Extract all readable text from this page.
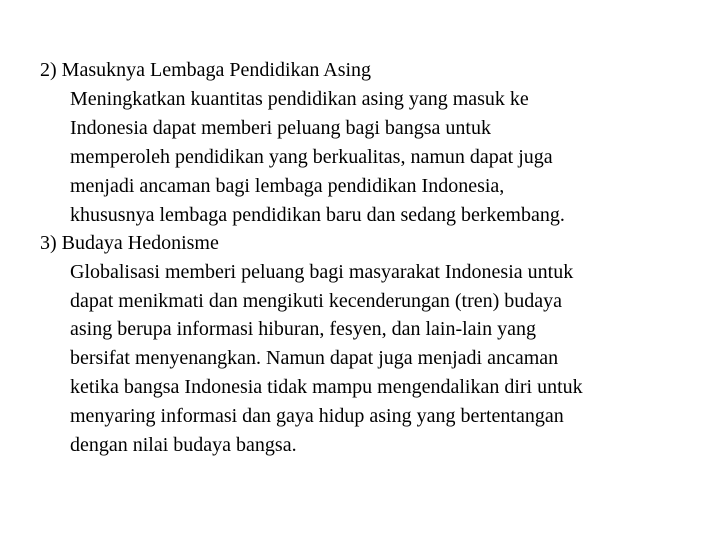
2) Masuknya Lembaga Pendidikan Asing
Meningkatkan kuantitas pendidikan asing yang masuk ke
Indonesia dapat memberi peluang bagi bangsa untuk
memperoleh pendidikan yang berkualitas, namun dapat juga
menjadi ancaman bagi lembaga pendidikan Indonesia,
khususnya lembaga pendidikan baru dan sedang berkembang.
3) Budaya Hedonisme
Globalisasi memberi peluang bagi masyarakat Indonesia untuk
dapat menikmati dan mengikuti kecenderungan (tren) budaya
asing berupa informasi hiburan, fesyen, dan lain-lain yang
bersifat menyenangkan. Namun dapat juga menjadi ancaman
ketika bangsa Indonesia tidak mampu mengendalikan diri untuk
menyaring informasi dan gaya hidup asing yang bertentangan
dengan nilai budaya bangsa.
